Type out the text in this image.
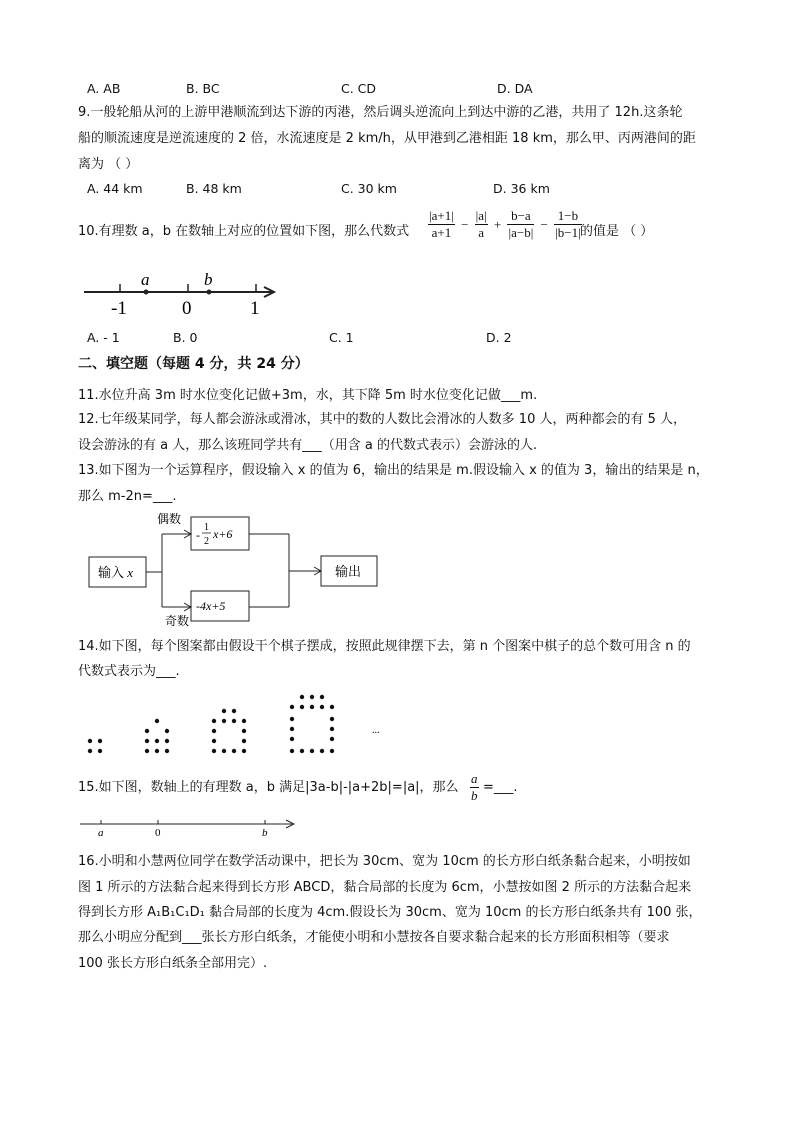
A. AB	B. BC	C. CD	D. DA
9.一般轮船从河的上游甲港顺流到达下游的丙港，然后调头逆流向上到达中游的乙港，共用了 12h.这条轮
船的顺流速度是逆流速度的 2 倍，水流速度是 2 km/h，从甲港到乙港相距 18 km，那么甲、丙两港间的距
离为 （ ）
A. 44 km	B. 48 km	C. 30 km	D. 36 km
10.有理数 a，b 在数轴上对应的位置如下图，那么代数式 $\frac{|a+1|}{a+1} - \frac{|a|}{a} + \frac{b-a}{|a-b|} - \frac{1-b}{|b-1|}$
的值是 （ ）
a	b
-1	0	1
A. - 1	B. 0	C. 1	D. 2
二、填空题（每题 4 分，共 24 分）
11.水位升高 3m 时水位变化记做+3m，水，其下降 5m 时水位变化记做___m.
12.七年级某同学，每人都会游泳或滑冰，其中的数的人数比会滑冰的人数多 10 人，两种都会的有 5 人，
设会游泳的有 a 人，那么该班同学共有___（用含 a 的代数式表示）会游泳的人.
13.如下图为一个运算程序，假设输入 x 的值为 6，输出的结果是 m.假设输入 x 的值为 3，输出的结果是 n，
那么 m-2n=___.
输入 x
偶数
奇数
-
1
2
x+6
-4x+5
输出
14.如下图，每个图案都由假设干个棋子摆成，按照此规律摆下去，第 n 个图案中棋子的总个数可用含 n 的
代数式表示为___.
...
15.如下图，数轴上的有理数 a，b 满足|3a-b|-|a+2b|=|a|，那么 $\frac{a}{b}$ =___.
a	0	b
16.小明和小慧两位同学在数学活动课中，把长为 30cm、宽为 10cm 的长方形白纸条黏合起来，小明按如
图 1 所示的方法黏合起来得到长方形 ABCD，黏合局部的长度为 6cm，小慧按如图 2 所示的方法黏合起来
得到长方形 A₁B₁C₁D₁ 黏合局部的长度为 4cm.假设长为 30cm、宽为 10cm 的长方形白纸条共有 100 张，
那么小明应分配到___张长方形白纸条，才能使小明和小慧按各自要求黏合起来的长方形面积相等（要求
100 张长方形白纸条全部用完）.
